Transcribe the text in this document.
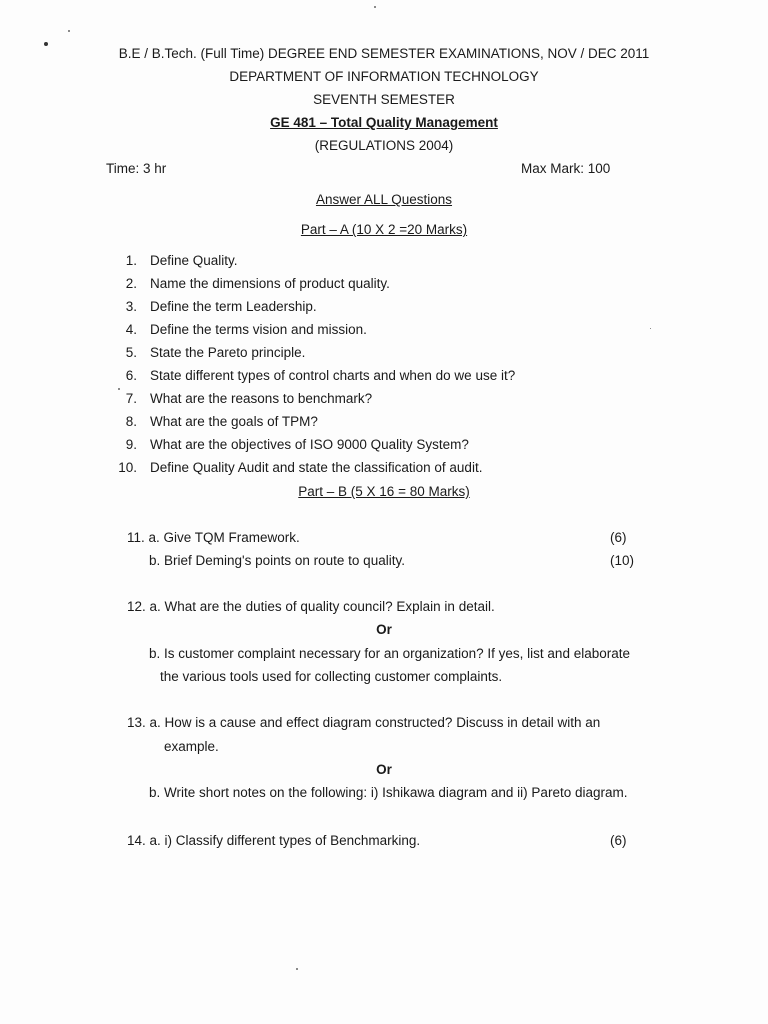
B.E / B.Tech. (Full Time) DEGREE END SEMESTER EXAMINATIONS, NOV / DEC 2011
DEPARTMENT OF INFORMATION TECHNOLOGY
SEVENTH SEMESTER
GE 481 – Total Quality Management
(REGULATIONS 2004)
Time: 3 hr	Max Mark: 100
Answer ALL Questions
Part – A (10 X 2 =20 Marks)
1. Define Quality.
2. Name the dimensions of product quality.
3. Define the term Leadership.
4. Define the terms vision and mission.
5. State the Pareto principle.
6. State different types of control charts and when do we use it?
7. What are the reasons to benchmark?
8. What are the goals of TPM?
9. What are the objectives of ISO 9000 Quality System?
10. Define Quality Audit and state the classification of audit.
Part – B (5 X 16 = 80 Marks)
11. a. Give TQM Framework.	(6)
b. Brief Deming's points on route to quality.	(10)
12. a. What are the duties of quality council? Explain in detail.
Or
b. Is customer complaint necessary for an organization? If yes, list and elaborate
the various tools used for collecting customer complaints.
13. a. How is a cause and effect diagram constructed? Discuss in detail with an
example.
Or
b. Write short notes on the following: i) Ishikawa diagram and ii) Pareto diagram.
14. a. i) Classify different types of Benchmarking.	(6)
